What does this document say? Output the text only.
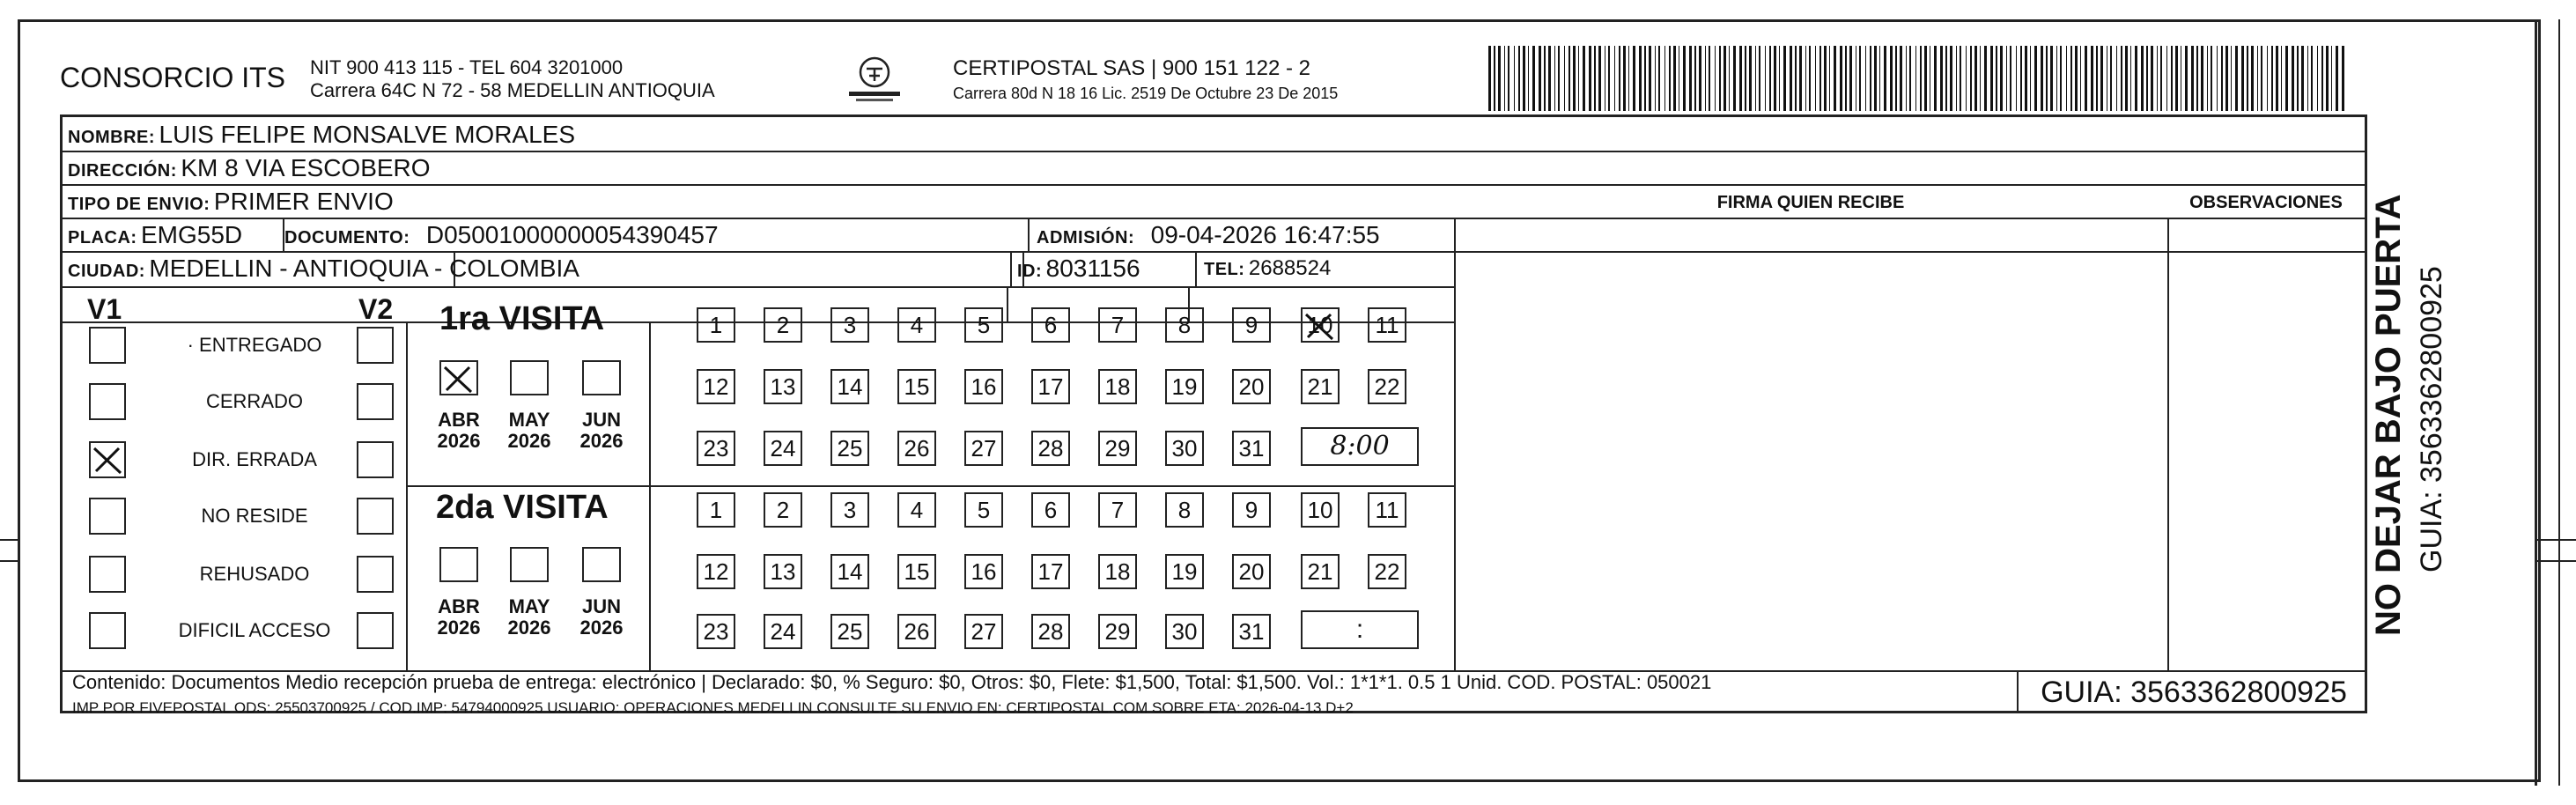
CONSORCIO ITS NIT 900 413 115 - TEL 604 3201000
Carrera 64C N 72 - 58 MEDELLIN ANTIOQUIA
CERTIPOSTAL SAS | 900 151 122 - 2
Carrera 80d N 18 16 Lic. 2519 De Octubre 23 De 2015
NOMBRE: LUIS FELIPE MONSALVE MORALES
DIRECCIÓN: KM 8 VIA ESCOBERO
TIPO DE ENVIO: PRIMER ENVIO	FIRMA QUIEN RECIBE	OBSERVACIONES
PLACA: EMG55D DOCUMENTO: D05001000000054390457	ADMISIÓN: 09-04-2026 16:47:55
CIUDAD: MEDELLIN - ANTIOQUIA - COLOMBIA	ID: 8031156	TEL: 2688524
V1	V2
· ENTREGADO
CERRADO
DIR. ERRADA
NO RESIDE
REHUSADO
DIFICIL ACCESO
1ra VISITA
2da VISITA
ABR
2026
MAY
2026
JUN
2026
ABR
2026
MAY
2026
JUN
2026
1	2	3	4	5	6	7	8	9	10	11
12 13 14 15 16 17 18 19 20 21 22
23 24 25 26 27 28 29 30 31
1	2	3	4	5	6	7	8	9	10	11
12 13 14 15 16 17 18 19 20 21 22
23 24 25 26 27 28 29 30 31
8:00
:
Contenido: Documentos Medio recepción prueba de entrega: electrónico | Declarado: $0, % Seguro: $0, Otros: $0, Flete: $1,500, Total: $1,500. Vol.: 1*1*1. 0.5 1 Unid. COD. POSTAL: 050021
IMP POR FIVEPOSTAL ODS: 25503700925 / COD.IMP: 54794000925 USUARIO: OPERACIONES MEDELLIN CONSULTE SU ENVIO EN: CERTIPOSTAL.COM SOBRE ETA: 2026-04-13 D+2	GUIA: 3563362800925
NO DEJAR BAJO PUERTA GUIA: 3563362800925
